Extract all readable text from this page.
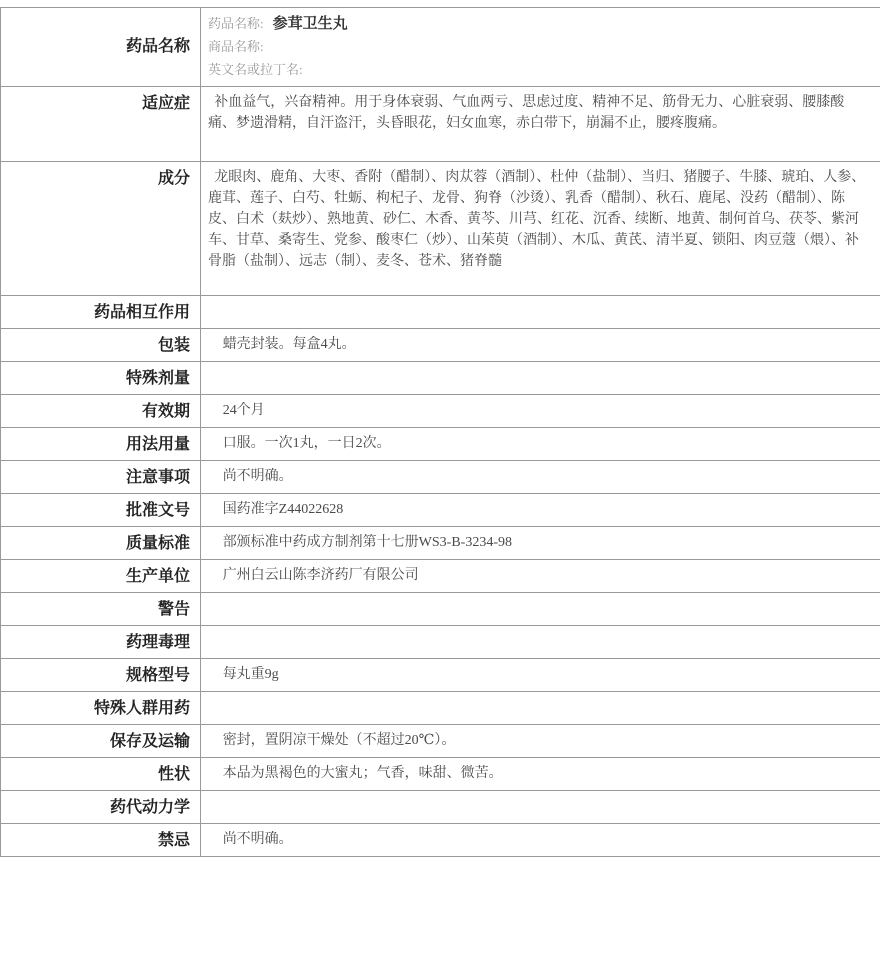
药品名称	药品名称: 参茸卫生丸
商品名称:
英文名或拉丁名:

适应症	补血益气，兴奋精神。用于身体衰弱、气血两亏、思虑过度、精神不足、筋骨无力、心脏衰弱、腰膝酸痛、梦遗滑精，自汗盗汗，头昏眼花，妇女血寒，赤白带下，崩漏不止，腰疼腹痛。
成分	龙眼肉、鹿角、大枣、香附（醋制）、肉苁蓉（酒制）、杜仲（盐制）、当归、猪腰子、牛膝、琥珀、人参、鹿茸、莲子、白芍、牡蛎、枸杞子、龙骨、狗脊（沙烫）、乳香（醋制）、秋石、鹿尾、没药（醋制）、陈皮、白术（麸炒）、熟地黄、砂仁、木香、黄芩、川芎、红花、沉香、续断、地黄、制何首乌、茯苓、紫河车、甘草、桑寄生、党参、酸枣仁（炒）、山茱萸（酒制）、木瓜、黄芪、清半夏、锁阳、肉豆蔻（煨）、补骨脂（盐制）、远志（制）、麦冬、苍术、猪脊髓
药品相互作用	
包装	蜡壳封装。每盒4丸。
特殊剂量	
有效期	24个月
用法用量	口服。一次1丸，一日2次。
注意事项	尚不明确。
批准文号	国药准字Z44022628
质量标准	部颁标准中药成方制剂第十七册WS3-B-3234-98
生产单位	广州白云山陈李济药厂有限公司
警告	
药理毒理	
规格型号	每丸重9g
特殊人群用药	
保存及运输	密封，置阴凉干燥处（不超过20℃）。
性状	本品为黑褐色的大蜜丸；气香，味甜、微苦。
药代动力学	
禁忌	尚不明确。
